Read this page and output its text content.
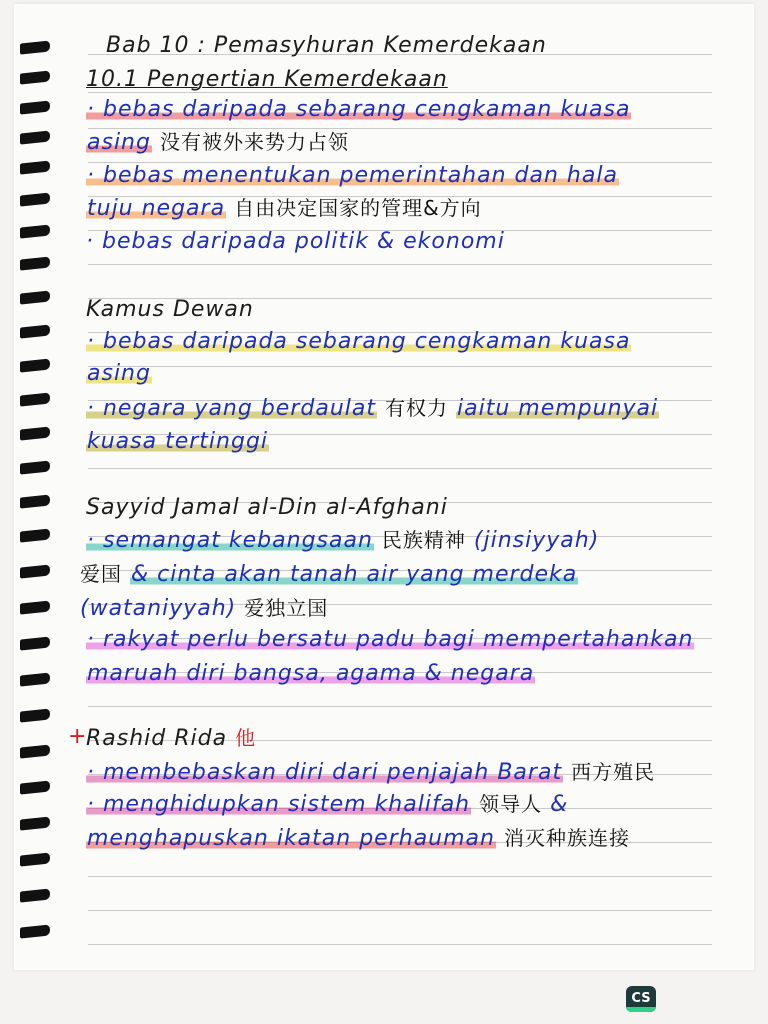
Bab 10 : Pemasyhuran Kemerdekaan
10.1 Pengertian Kemerdekaan
· bebas daripada sebarang cengkaman kuasa
asing 没有被外来势力占领
· bebas menentukan pemerintahan dan hala
tuju negara 自由决定国家的管理&方向
· bebas daripada politik & ekonomi
Kamus Dewan
· bebas daripada sebarang cengkaman kuasa
asing
· negara yang berdaulat 有权力 iaitu mempunyai
kuasa tertinggi
Sayyid Jamal al-Din al-Afghani
· semangat kebangsaan 民族精神 (jinsiyyah)
爱国 & cinta akan tanah air yang merdeka
(wataniyyah) 爱独立国
· rakyat perlu bersatu padu bagi mempertahankan
maruah diri bangsa, agama & negara
+ Rashid Rida 他
· membebaskan diri dari penjajah Barat 西方殖民
· menghidupkan sistem khalifah 领导人 &
menghapuskan ikatan perhauman 消灭种族连接
CS
